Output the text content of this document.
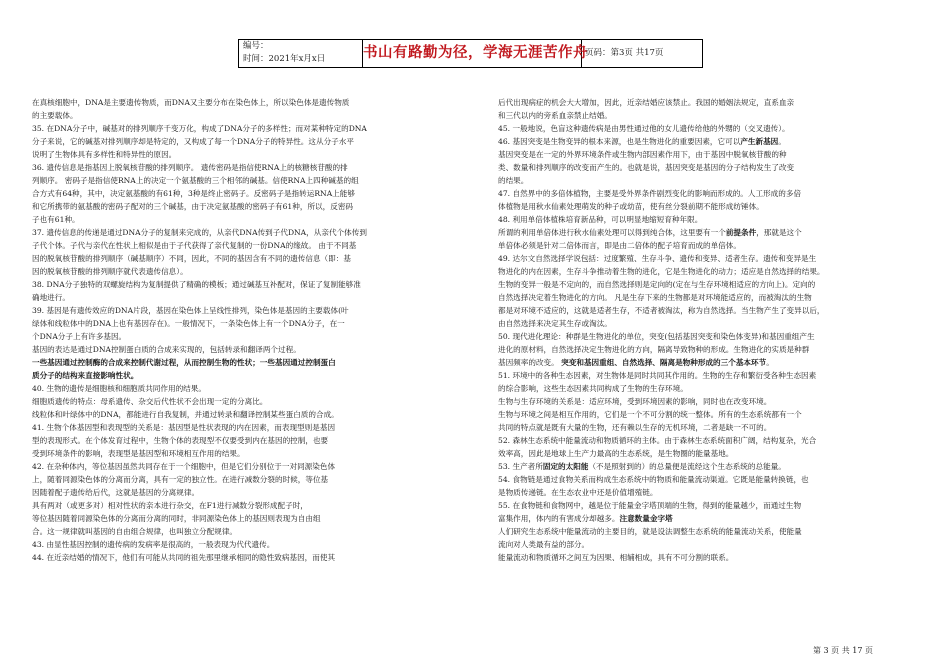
编号：
时间：2021年x月x日	书山有路勤为径，学海无涯苦作舟
页码：第3页 共17页
在真核细胞中，DNA是主要遗传物质，而DNA又主要分布在染色体上，所以染色体是遗传物质
的主要载体。
35. 在DNA分子中，碱基对的排列顺序千变万化，构成了DNA分子的多样性；而对某种特定的DNA
分子来说，它的碱基对排列顺序却是特定的，又构成了每一个DNA分子的特异性。这从分子水平
说明了生物体具有多样性和特异性的原因。
36. 遗传信息是指基因上脱氧核苷酸的排列顺序。 遗传密码是指信使RNA上的核糖核苷酸的排
列顺序。 密码子是指信使RNA上的决定一个氨基酸的三个相邻的碱基。信使RNA上四种碱基的组
合方式有64种，其中，决定氨基酸的有61种，3种是终止密码子。反密码子是指转运RNA上能够
和它所携带的氨基酸的密码子配对的三个碱基，由于决定氨基酸的密码子有61种，所以，反密码
子也有61种。
37. 遗传信息的传递是通过DNA分子的复制来完成的，从亲代DNA传到子代DNA，从亲代个体传到
子代个体。子代与亲代在性状上相似是由于子代获得了亲代复制的一份DNA的缘故。 由于不同基
因的脱氧核苷酸的排列顺序（碱基顺序）不同，因此，不同的基因含有不同的遗传信息（即：基
因的脱氧核苷酸的排列顺序就代表遗传信息）。
38. DNA分子独特的双螺旋结构为复制提供了精确的模板；通过碱基互补配对，保证了复制能够准
确地进行。
39. 基因是有遗传效应的DNA片段，基因在染色体上呈线性排列，染色体是基因的主要载体(叶
绿体和线粒体中的DNA上也有基因存在)。一般情况下，一条染色体上有一个DNA分子，在一
个DNA分子上有许多基因。
基因的表达是通过DNA控制蛋白质的合成来实现的，包括转录和翻译两个过程。
一些基因通过控制酶的合成来控制代谢过程，从而控制生物的性状；一些基因通过控制蛋白
质分子的结构来直接影响性状。
40. 生物的遗传是细胞核和细胞质共同作用的结果。
细胞质遗传的特点：母系遗传、杂交后代性状不会出现一定的分离比。
线粒体和叶绿体中的DNA，都能进行自我复制，并通过转录和翻译控制某些蛋白质的合成。
41. 生物个体基因型和表现型的关系是：基因型是性状表现的内在因素，而表现型则是基因
型的表现形式。在个体发育过程中，生物个体的表现型不仅要受到内在基因的控制，也要
受到环境条件的影响，表现型是基因型和环境相互作用的结果。
42. 在杂种体内，等位基因虽然共同存在于一个细胞中，但是它们分别位于一对同源染色体
上，随着同源染色体的分离而分离，具有一定的独立性。在进行减数分裂的时候，等位基
因随着配子遗传给后代，这就是基因的分离规律。
具有两对（或更多对）相对性状的亲本进行杂交，在F1进行减数分裂形成配子时，
等位基因随着同源染色体的分离而分离的同时，非同源染色体上的基因则表现为自由组
合。这一规律就叫基因的自由组合规律，也叫独立分配规律。
43. 由显性基因控制的遗传病的发病率是很高的，一般表现为代代遗传。
44. 在近亲结婚的情况下，他们有可能从共同的祖先那里继承相同的隐性致病基因，而使其
后代出现病症的机会大大增加，因此，近亲结婚应该禁止。我国的婚姻法规定，直系血亲
和三代以内的旁系血亲禁止结婚。
45. 一般地说，色盲这种遗传病是由男性通过他的女儿遗传给他的外甥的（交叉遗传）。
46. 基因突变是生物变异的根本来源，也是生物进化的重要因素，它可以产生新基因。
基因突变是在一定的外界环境条件或生物内部因素作用下，由于基因中脱氧核苷酸的种
类、数量和排列顺序的改变而产生的。也就是说，基因突变是基因的分子结构发生了改变
的结果。
47. 自然界中的多倍体植物，主要是受外界条件剧烈变化的影响而形成的。人工形成的多倍
体植物是用秋水仙素处理萌发的种子或幼苗，使有丝分裂前期不能形成纺锤体。
48. 利用单倍体植株培育新品种，可以明显地缩短育种年限。
所谓的利用单倍体进行秋水仙素处理可以得到纯合体，这里要有一个前提条件，那就是这个
单倍体必须是针对二倍体而言，即是由二倍体的配子培育而成的单倍体。
49. 达尔文自然选择学说包括：过度繁殖、生存斗争、遗传和变异、适者生存。遗传和变异是生
物进化的内在因素，生存斗争推动着生物的进化，它是生物进化的动力；适应是自然选择的结果。
生物的变异一般是不定向的，而自然选择则是定向的(定在与生存环境相适应的方向上)。定向的
自然选择决定着生物进化的方向。 凡是生存下来的生物都是对环境能适应的，而被淘汰的生物
都是对环境不适应的，这就是适者生存，不适者被淘汰，称为自然选择。当生物产生了变异以后，
由自然选择来决定其生存或淘汰。
50. 现代进化理论：种群是生物进化的单位，突变(包括基因突变和染色体变异)和基因重组产生
进化的原材料，自然选择决定生物进化的方向，隔离导致物种的形成。生物进化的实质是种群
基因频率的改变。 突变和基因重组、自然选择、隔离是物种形成的三个基本环节。
51. 环境中的各种生态因素，对生物体是同时共同其作用的。生物的生存和繁衍受各种生态因素
的综合影响，这些生态因素共同构成了生物的生存环境。
生物与生存环境的关系是：适应环境，受到环境因素的影响，同时也在改变环境。
生物与环境之间是相互作用的，它们是一个不可分割的统一整体。所有的生态系统都有一个
共同的特点就是既有大量的生物，还有赖以生存的无机环境，二者是缺一不可的。
52. 森林生态系统中能量流动和物质循环的主体。由于森林生态系统面积广阔，结构复杂，光合
效率高，因此是地球上生产力最高的生态系统，是生物圈的能量基地。
53. 生产者所固定的太阳能（不是照射到的）的总量便是流经这个生态系统的总能量。
54. 食物链是通过食物关系而构成生态系统中的物质和能量流动渠道。它既是能量转换链，也
是物质传递链。在生态农业中还是价值增殖链。
55. 在食物链和食物网中，越是位于能量金字塔顶端的生物，得到的能量越少，而通过生物
富集作用，体内的有害成分却越多。注意数量金字塔
人们研究生态系统中能量流动的主要目的，就是设法调整生态系统的能量流动关系，使能量
流向对人类最有益的部分。
能量流动和物质循环之间互为因果、相辅相成，具有不可分割的联系。
第 3 页 共 17 页
